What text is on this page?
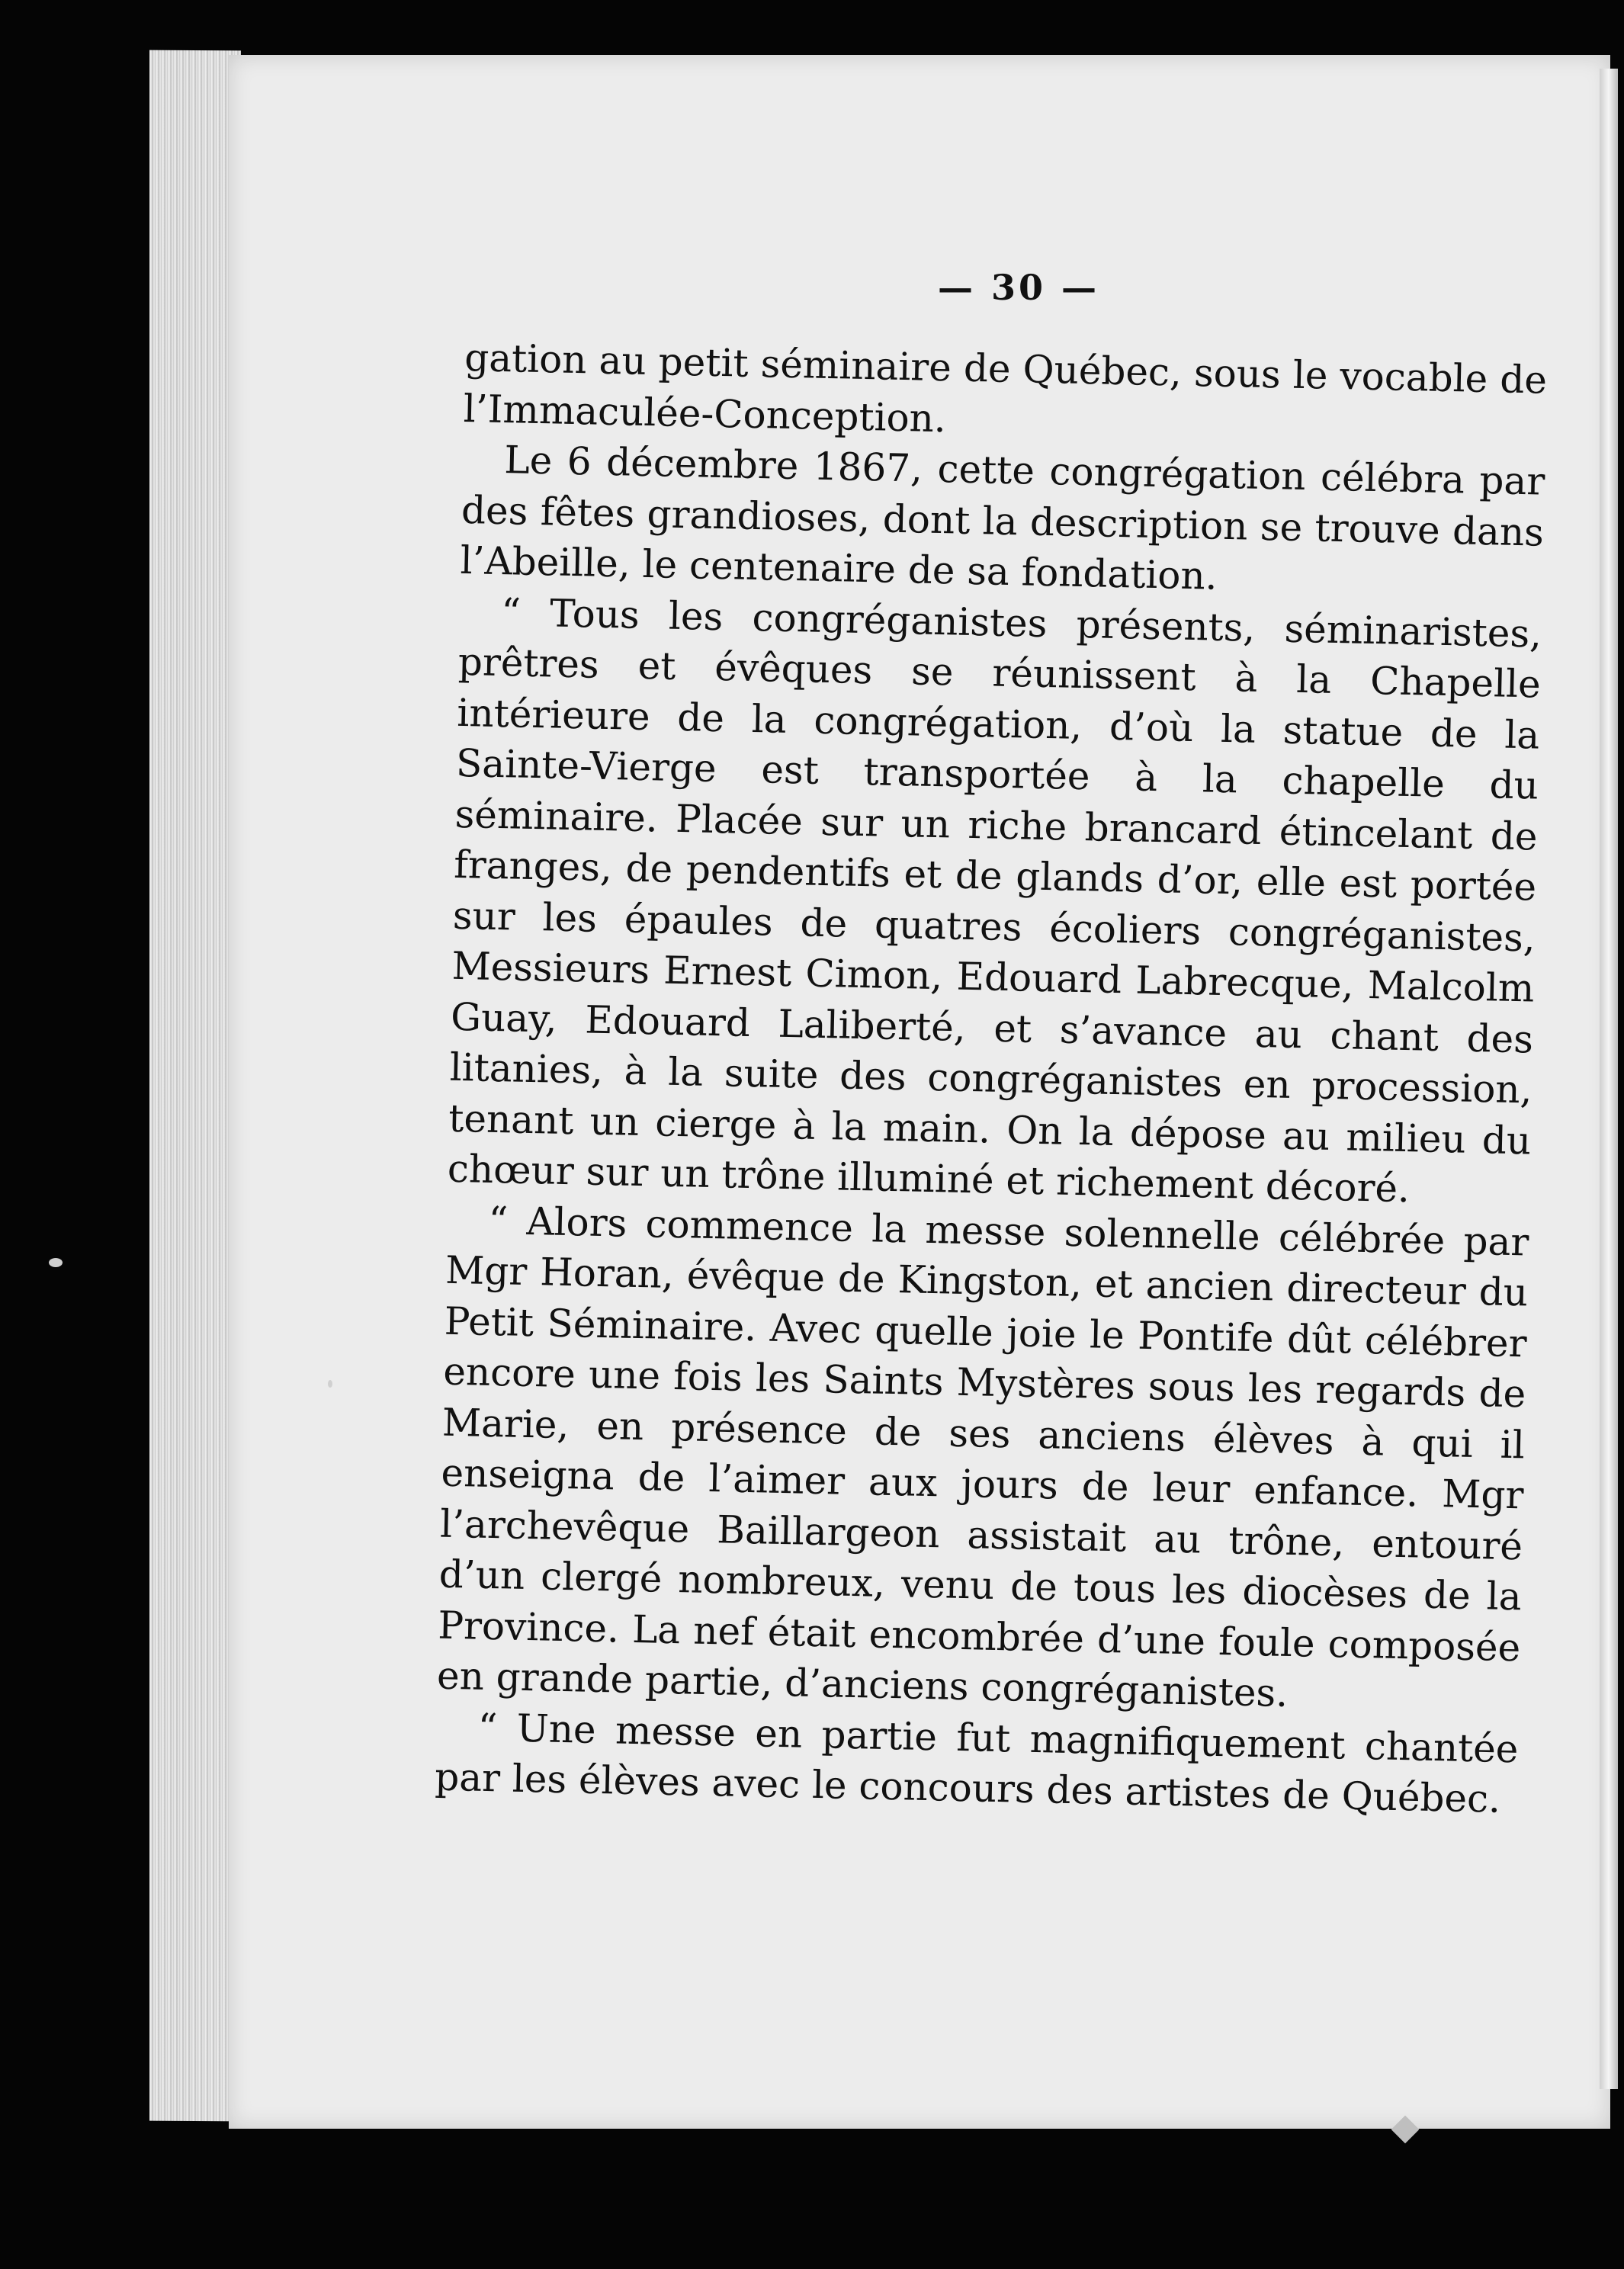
— 30 —

gation au petit séminaire de Québec, sous le vocable de l’Immaculée-Conception.

Le 6 décembre 1867, cette congrégation célébra par des fêtes grandioses, dont la description se trouve dans l’Abeille, le centenaire de sa fondation.

“ Tous les congréganistes présents, séminaristes, prêtres et évêques se réunissent à la Chapelle intérieure de la congrégation, d’où la statue de la Sainte-Vierge est transportée à la chapelle du séminaire. Placée sur un riche brancard étincelant de franges, de pendentifs et de glands d’or, elle est portée sur les épaules de quatres écoliers congréganistes, Messieurs Ernest Cimon, Edouard Labrecque, Malcolm Guay, Edouard Laliberté, et s’avance au chant des litanies, à la suite des congréganistes en procession, tenant un cierge à la main. On la dépose au milieu du chœur sur un trône illuminé et richement décoré.

“ Alors commence la messe solennelle célébrée par Mgr Horan, évêque de Kingston, et ancien directeur du Petit Séminaire. Avec quelle joie le Pontife dût célébrer encore une fois les Saints Mystères sous les regards de Marie, en présence de ses anciens élèves à qui il enseigna de l’aimer aux jours de leur enfance. Mgr l’archevêque Baillargeon assistait au trône, entouré d’un clergé nombreux, venu de tous les diocèses de la Province. La nef était encombrée d’une foule composée en grande partie, d’anciens congréganistes.

“ Une messe en partie fut magnifiquement chantée par les élèves avec le concours des artistes de Québec.
